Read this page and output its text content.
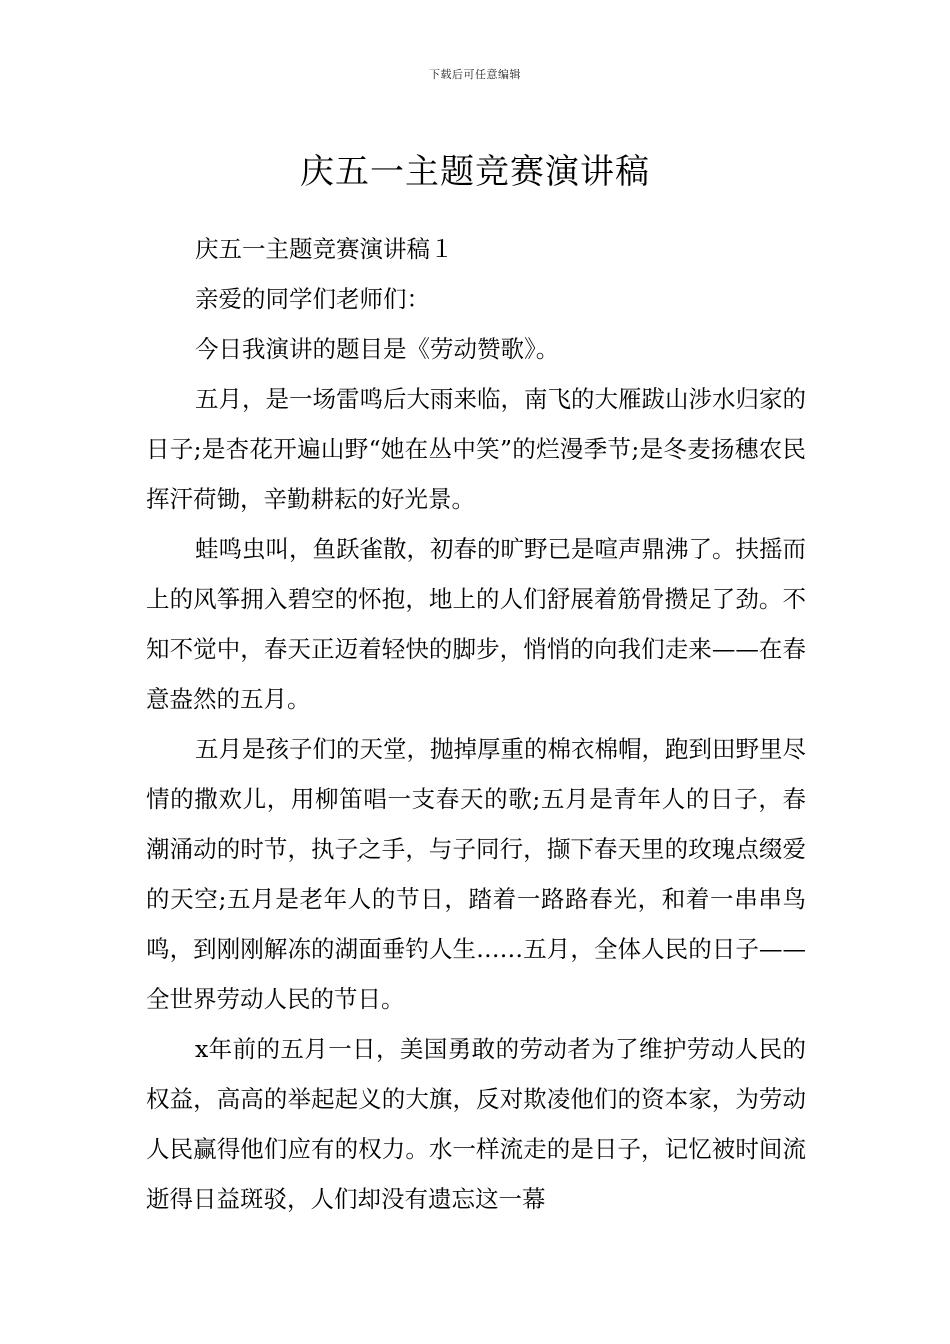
下载后可任意编辑
庆五一主题竞赛演讲稿

庆五一主题竞赛演讲稿１

亲爱的同学们老师们：

今日我演讲的题目是《劳动赞歌》。

五月，是一场雷鸣后大雨来临，南飞的大雁跋山涉水归家的日子;是杏花开遍山野“她在丛中笑”的烂漫季节;是冬麦扬穗农民挥汗荷锄，辛勤耕耘的好光景。

蛙鸣虫叫，鱼跃雀散，初春的旷野已是喧声鼎沸了。扶摇而上的风筝拥入碧空的怀抱，地上的人们舒展着筋骨攒足了劲。不知不觉中，春天正迈着轻快的脚步，悄悄的向我们走来——在春意盎然的五月。

五月是孩子们的天堂，抛掉厚重的棉衣棉帽，跑到田野里尽情的撒欢儿，用柳笛唱一支春天的歌;五月是青年人的日子，春潮涌动的时节，执子之手，与子同行，撷下春天里的玫瑰点缀爱的天空;五月是老年人的节日，踏着一路路春光，和着一串串鸟鸣，到刚刚解冻的湖面垂钓人生……五月，全体人民的日子——全世界劳动人民的节日。

x年前的五月一日，美国勇敢的劳动者为了维护劳动人民的权益，高高的举起起义的大旗，反对欺凌他们的资本家，为劳动人民赢得他们应有的权力。水一样流走的是日子，记忆被时间流逝得日益斑驳，人们却没有遗忘这一幕
